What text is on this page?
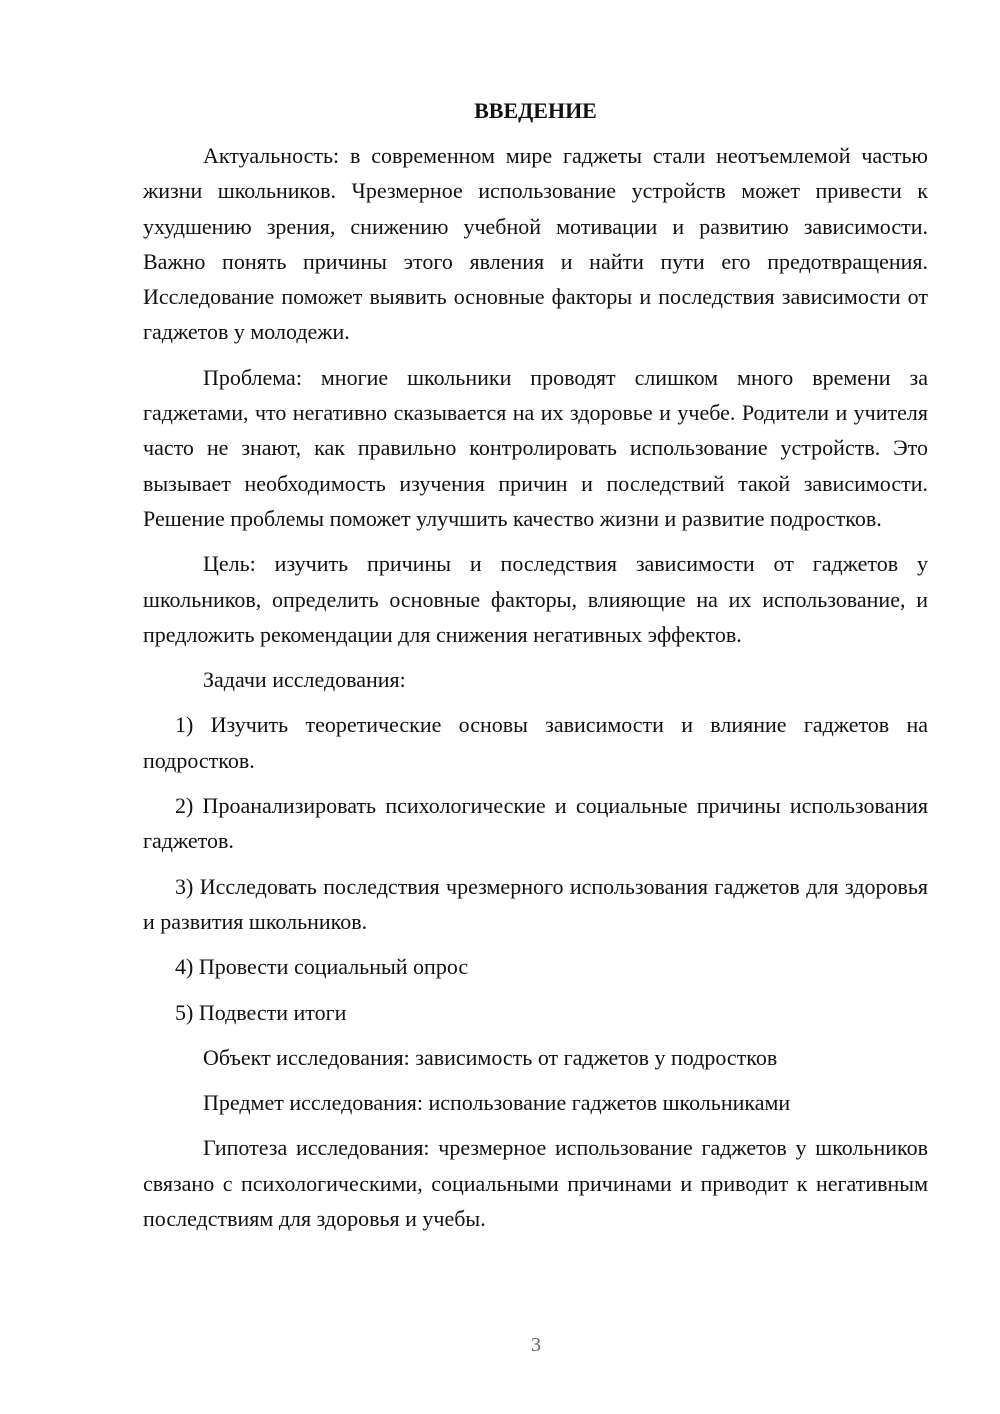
ВВЕДЕНИЕ

Актуальность: в современном мире гаджеты стали неотъемлемой частью жизни школьников. Чрезмерное использование устройств может привести к ухудшению зрения, снижению учебной мотивации и развитию зависимости. Важно понять причины этого явления и найти пути его предотвращения. Исследование поможет выявить основные факторы и последствия зависимости от гаджетов у молодежи.

Проблема: многие школьники проводят слишком много времени за гаджетами, что негативно сказывается на их здоровье и учебе. Родители и учителя часто не знают, как правильно контролировать использование устройств. Это вызывает необходимость изучения причин и последствий такой зависимости. Решение проблемы поможет улучшить качество жизни и развитие подростков.

Цель: изучить причины и последствия зависимости от гаджетов у школьников, определить основные факторы, влияющие на их использование, и предложить рекомендации для снижения негативных эффектов.

Задачи исследования:

1) Изучить теоретические основы зависимости и влияние гаджетов на подростков.

2) Проанализировать психологические и социальные причины использования гаджетов.

3) Исследовать последствия чрезмерного использования гаджетов для здоровья и развития школьников.

4) Провести социальный опрос

5) Подвести итоги

Объект исследования: зависимость от гаджетов у подростков

Предмет исследования: использование гаджетов школьниками

Гипотеза исследования: чрезмерное использование гаджетов у школьников связано с психологическими, социальными причинами и приводит к негативным последствиям для здоровья и учебы.

3
